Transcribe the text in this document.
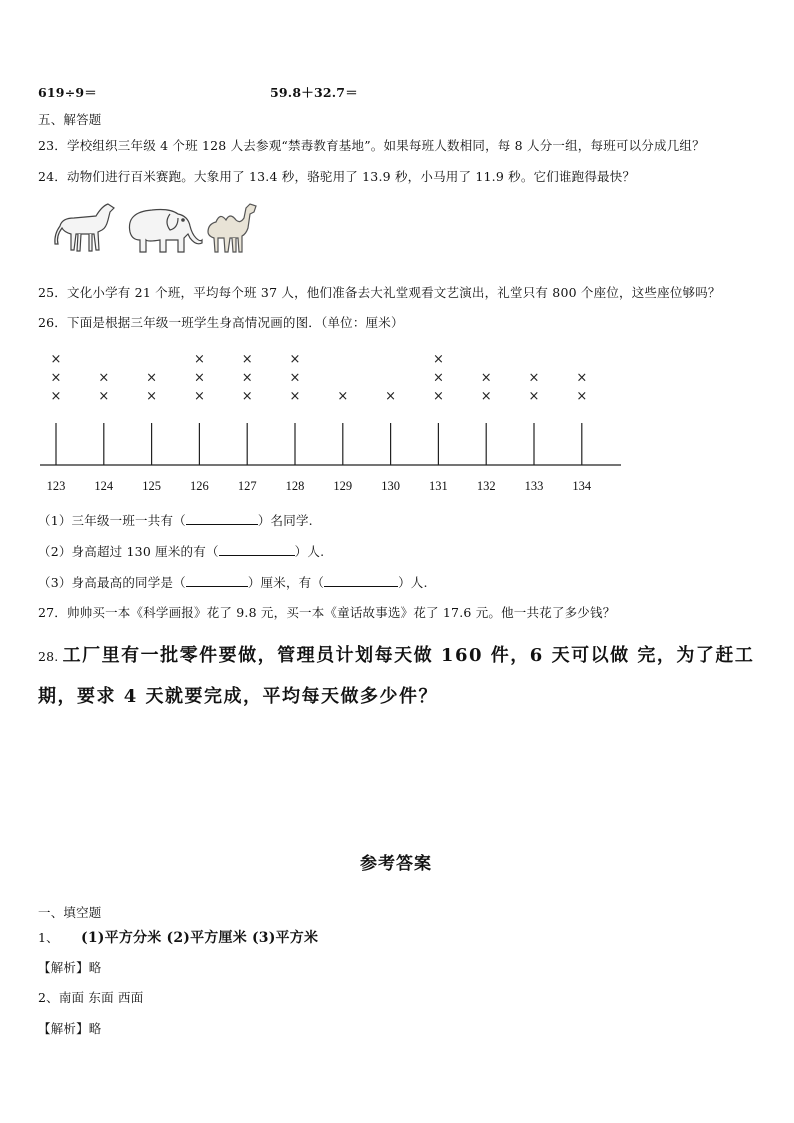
619÷9＝	59.8＋32.7＝
五、解答题
23．学校组织三年级 4 个班 128 人去参观“禁毒教育基地”。如果每班人数相同，每 8 人分一组，每班可以分成几组？
24．动物们进行百米赛跑。大象用了 13.4 秒，骆驼用了 13.9 秒，小马用了 11.9 秒。它们谁跑得最快？
25．文化小学有 21 个班，平均每个班 37 人，他们准备去大礼堂观看文艺演出，礼堂只有 800 个座位，这些座位够吗？
26．下面是根据三年级一班学生身高情况画的图．（单位：厘米）
×
×
×
×
×
×
×
×
×
×
×
×
×
×
×
×
×	×	×
×
×
×
×
×
×
×
×
123 124 125 126 127 128 129 130 131 132 133 134
（1）三年级一班一共有（	）名同学.
（2）身高超过 130 厘米的有（	）人.
（3）身高最高的同学是（	）厘米，有（	）人.
27．帅帅买一本《科学画报》花了 9.8 元，买一本《童话故事选》花了 17.6 元。他一共花了多少钱？
28. 工厂里有一批零件要做，管理员计划每天做 160 件，6 天可以做 完，为了赶工
期，要求 4 天就要完成，平均每天做多少件？
参考答案
一、填空题
1、 (1)平方分米 (2)平方厘米 (3)平方米
【解析】略
2、南面 东面 西面
【解析】略
